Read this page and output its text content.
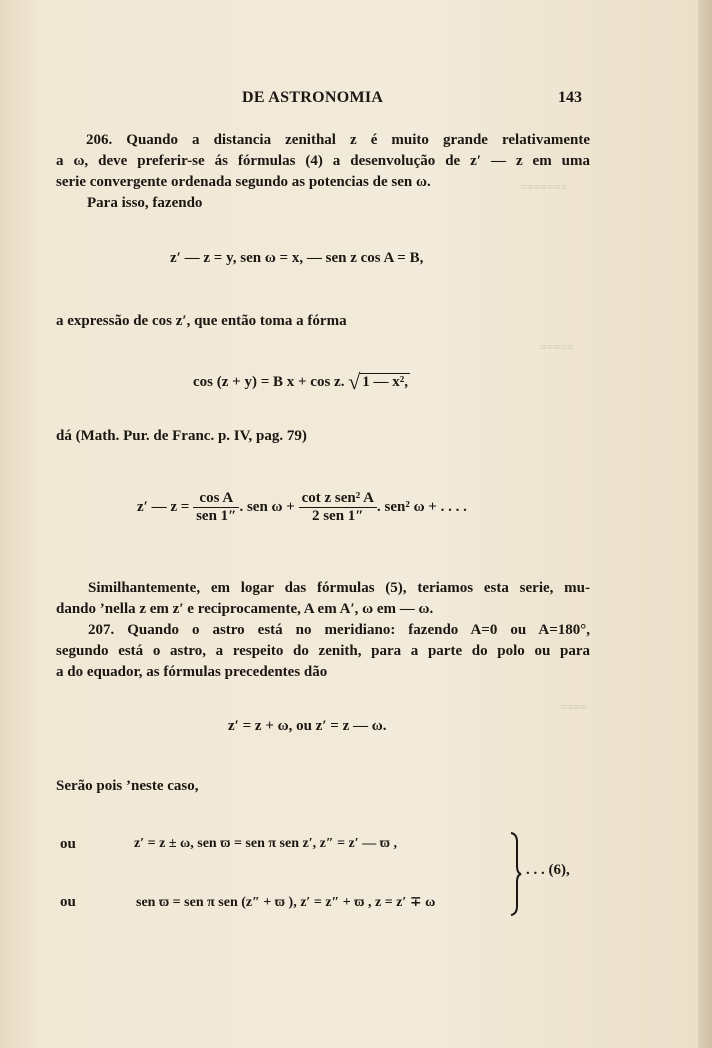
≡≡≡≡≡≡≡
≡≡≡≡≡
≡≡≡≡
DE ASTRONOMIA	143
206. Quando a distancia zenithal z é muito grande relativamente
a ω, deve preferir-se ás fórmulas (4) a desenvolução de z′ — z em uma
serie convergente ordenada segundo as potencias de sen ω.
Para isso, fazendo
z′ — z = y, sen ω = x, — sen z cos A = B,
a expressão de cos z′, que então toma a fórma
cos (z + y) = B x + cos z. √ 1 — x²,
dá (Math. Pur. de Franc. p. IV, pag. 79)
z′ — $z = \frac{\text{cos A}}{\text{sen 1″}}$ . sen $\omega + \frac{\text{cot z sen² A}}{\text{2 sen 1″}}$ . sen² ω + . . . .
Similhantemente, em logar das fórmulas (5), teriamos esta serie, mu-
dando ’nella z em z′ e reciprocamente, A em A′, ω em — ω.
207. Quando o astro está no meridiano: fazendo A=0 ou A=180°,
segundo está o astro, a respeito do zenith, para a parte do polo ou para
a do equador, as fórmulas precedentes dão
z′ = z + ω, ou z′ = z — ω.
Serão pois ’neste caso,
ou	z′ = z ± ω, sen ϖ = sen π sen z′, z″ = z′ — ϖ ,
ou	sen ϖ = sen π sen (z″ + ϖ ), z′ = z″ + ϖ , z = z′ ∓ ω
. . . (6),
